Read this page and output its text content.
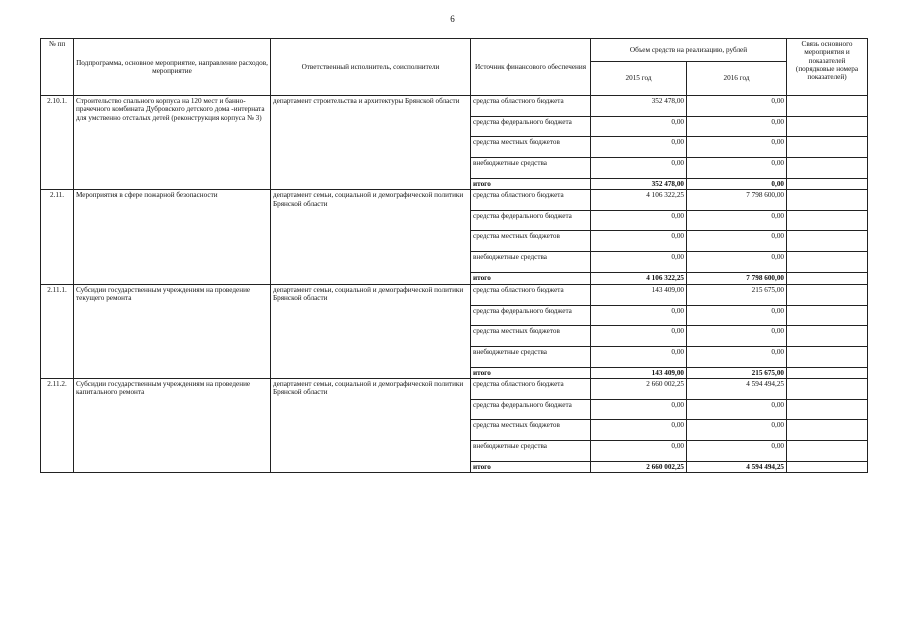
6
№ пп	Подпрограмма, основное мероприятие, направление расходов, мероприятие	Ответственный исполнитель, соисполнители	Источник финансового обеспечения	Объем средств на реализацию, рублей		Связь основного мероприятия и показателей (порядковые номера показателей)
				2015 год	2016 год	
2.10.1.	Строительство спального корпуса на 120 мест и банно-прачечного комбината Дубровского детского дома -интерната для умственно отсталых детей (реконструкция корпуса № 3)	департамент строительства и архитектуры Брянской области	средства областного бюджета	352 478,00	0,00	
			средства федерального бюджета	0,00	0,00	
			средства местных бюджетов	0,00	0,00	
			внебюджетные средства	0,00	0,00	
			итого	352 478,00	0,00	
2.11.	Мероприятия в сфере пожарной безопасности	департамент семьи, социальной и демографической политики Брянской области	средства областного бюджета	4 106 322,25	7 798 600,00	
			средства федерального бюджета	0,00	0,00	
			средства местных бюджетов	0,00	0,00	
			внебюджетные средства	0,00	0,00	
			итого	4 106 322,25	7 798 600,00	
2.11.1.	Субсидии государственным учреждениям на проведение текущего ремонта	департамент семьи, социальной и демографической политики Брянской области	средства областного бюджета	143 409,00	215 675,00	
			средства федерального бюджета	0,00	0,00	
			средства местных бюджетов	0,00	0,00	
			внебюджетные средства	0,00	0,00	
			итого	143 409,00	215 675,00	
2.11.2.	Субсидии государственным учреждениям на проведение капитального ремонта	департамент семьи, социальной и демографической политики Брянской области	средства областного бюджета	2 660 002,25	4 594 494,25	
			средства федерального бюджета	0,00	0,00	
			средства местных бюджетов	0,00	0,00	
			внебюджетные средства	0,00	0,00	
			итого	2 660 002,25	4 594 494,25	
